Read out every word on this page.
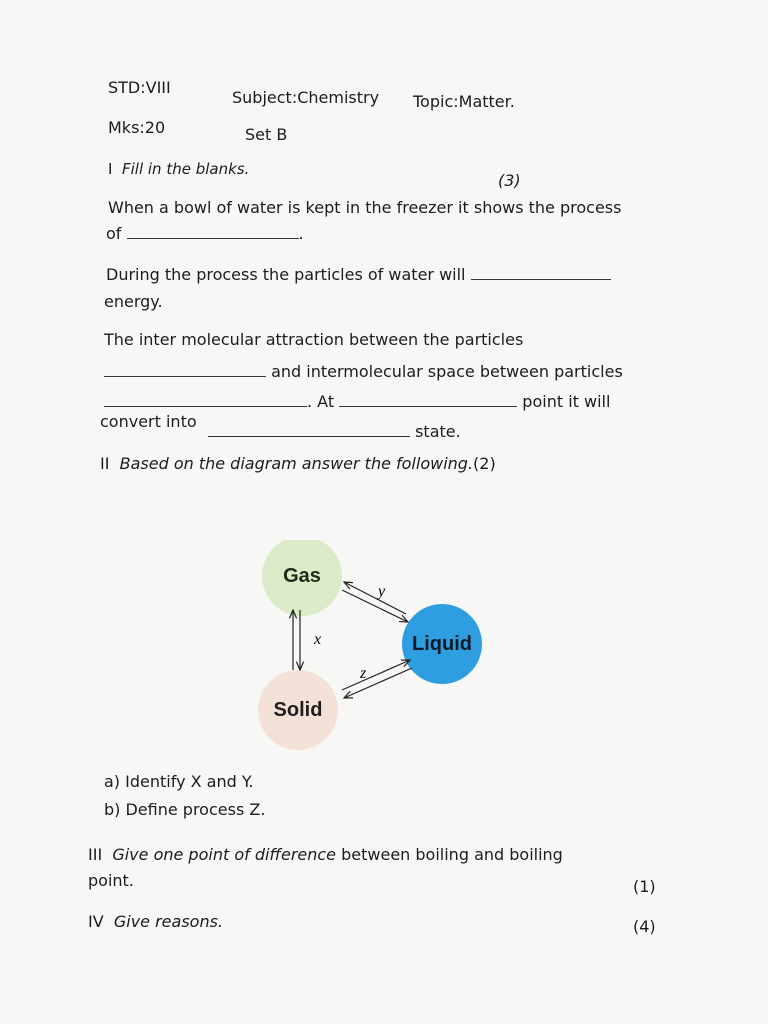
STD:VIII
Subject:Chemistry Topic:Matter.
Mks:20	Set B
I Fill in the blanks.
(3)
When a bowl of water is kept in the freezer it shows the process
of	.
During the process the particles of water will
energy.
The inter molecular attraction between the particles
and intermolecular space between particles
. At	point it will
convert into
state.
II Based on the diagram answer the following.(2)
Gas
Liquid
Solid
x
y
z
a) Identify X and Y.
b) Define process Z.
III Give one point of difference between boiling and boiling
point.	(1)
IV Give reasons.	(4)
